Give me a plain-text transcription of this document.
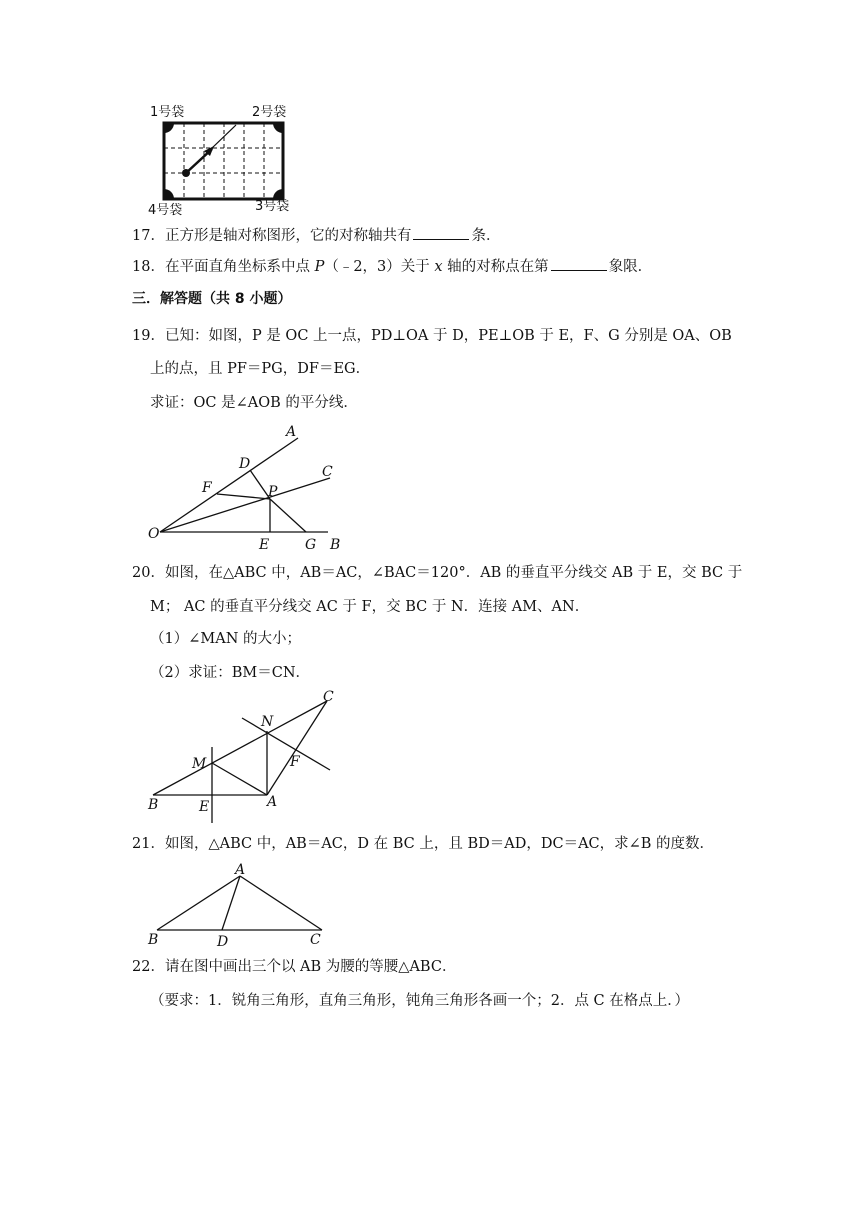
1号袋	2号袋
4号袋	3号袋
17．正方形是轴对称图形，它的对称轴共有	条．
18．在平面直角坐标系中点 P（﹣2，3）关于 x 轴的对称点在第	象限．
三．解答题（共 8 小题）
19．已知：如图，P 是 OC 上一点，PD⊥OA 于 D，PE⊥OB 于 E，F、G 分别是 OA、OB
上的点，且 PF＝PG，DF＝EG．
求证：OC 是∠AOB 的平分线．
A
D	C
F	P
O
E	G B
20．如图，在△ABC 中，AB＝AC，∠BAC＝120°．AB 的垂直平分线交 AB 于 E，交 BC 于
M； AC 的垂直平分线交 AC 于 F，交 BC 于 N．连接 AM、AN．
（1）∠MAN 的大小；
（2）求证：BM＝CN．
C
N
M	F
B	E	A
21．如图，△ABC 中，AB＝AC，D 在 BC 上，且 BD＝AD，DC＝AC，求∠B 的度数．
A
B	D	C
22．请在图中画出三个以 AB 为腰的等腰△ABC．
（要求：1．锐角三角形，直角三角形，钝角三角形各画一个；2．点 C 在格点上．）
